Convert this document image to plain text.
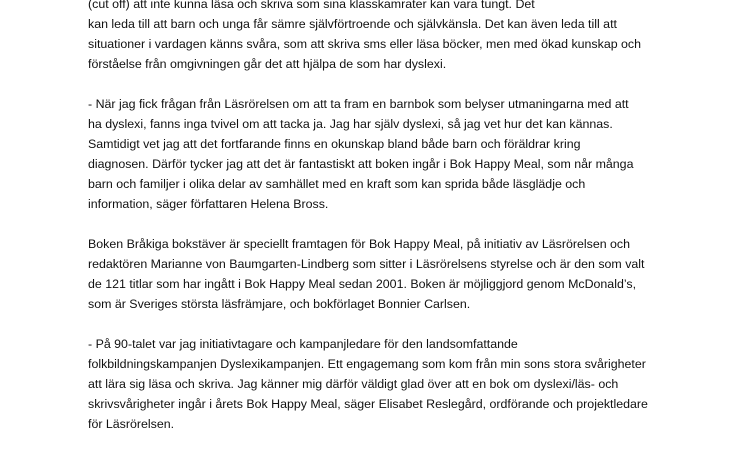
(cut off) att inte kunna läsa och skriva som sina klasskamrater kan vara tungt. Det
kan leda till att barn och unga får sämre självförtroende och självkänsla. Det kan även leda till att
situationer i vardagen känns svåra, som att skriva sms eller läsa böcker, men med ökad kunskap och
förståelse från omgivningen går det att hjälpa de som har dyslexi.

- När jag fick frågan från Läsrörelsen om att ta fram en barnbok som belyser utmaningarna med att
ha dyslexi, fanns inga tvivel om att tacka ja. Jag har själv dyslexi, så jag vet hur det kan kännas.
Samtidigt vet jag att det fortfarande finns en okunskap bland både barn och föräldrar kring
diagnosen. Därför tycker jag att det är fantastiskt att boken ingår i Bok Happy Meal, som når många
barn och familjer i olika delar av samhället med en kraft som kan sprida både läsglädje och
information, säger författaren Helena Bross.

Boken Bråkiga bokstäver är speciellt framtagen för Bok Happy Meal, på initiativ av Läsrörelsen och
redaktören Marianne von Baumgarten-Lindberg som sitter i Läsrörelsens styrelse och är den som valt
de 121 titlar som har ingått i Bok Happy Meal sedan 2001. Boken är möjliggjord genom McDonald’s,
som är Sveriges största läsfrämjare, och bokförlaget Bonnier Carlsen.

- På 90-talet var jag initiativtagare och kampanjledare för den landsomfattande
folkbildningskampanjen Dyslexikampanjen. Ett engagemang som kom från min sons stora svårigheter
att lära sig läsa och skriva. Jag känner mig därför väldigt glad över att en bok om dyslexi/läs- och
skrivsvårigheter ingår i årets Bok Happy Meal, säger Elisabet Reslegård, ordförande och projektledare
för Läsrörelsen.
